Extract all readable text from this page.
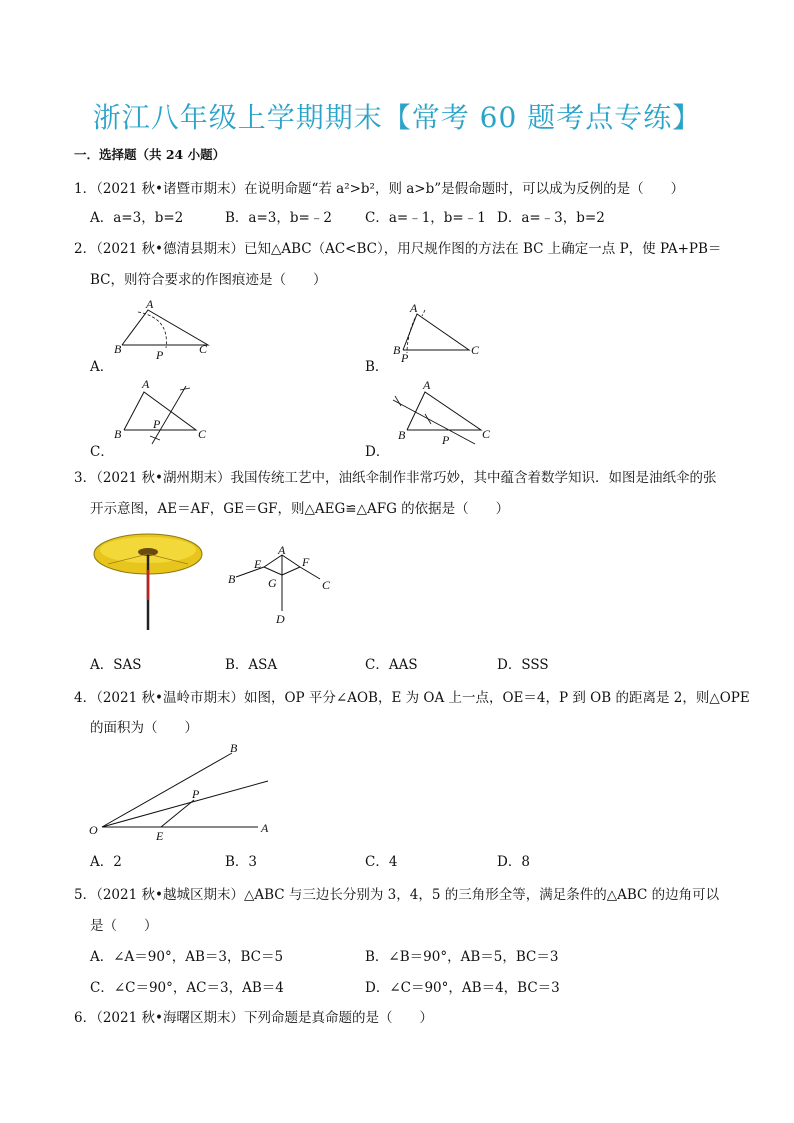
浙江八年级上学期期末【常考 60 题考点专练】
一．选择题（共 24 小题）
1．（2021 秋•诸暨市期末）在说明命题“若 a²>b²，则 a>b”是假命题时，可以成为反例的是（　　）
A．a=3，b=2	B．a=3，b=﹣2 C．a=﹣1，b=﹣1 D．a=﹣3，b=2
2．（2021 秋•德清县期末）已知△ABC（AC<BC），用尺规作图的方法在 BC 上确定一点 P，使 PA+PB＝
BC，则符合要求的作图痕迹是（　　）
A．
A
B	C
P
B．
A
B	C
P
C．
A
B	C
P
D．
A
B	C
P
3．（2021 秋•湖州期末）我国传统工艺中，油纸伞制作非常巧妙，其中蕴含着数学知识．如图是油纸伞的张
开示意图，AE＝AF，GE＝GF，则△AEG≌△AFG 的依据是（　　）
A
E	F
B	C
G
D
A．SAS	B．ASA	C．AAS	D．SSS
4．（2021 秋•温岭市期末）如图，OP 平分∠AOB，E 为 OA 上一点，OE＝4，P 到 OB 的距离是 2，则△OPE
的面积为（　　）
O	A
B
P
E
A．2	B．3	C．4	D．8
5．（2021 秋•越城区期末）△ABC 与三边长分别为 3，4，5 的三角形全等，满足条件的△ABC 的边角可以
是（　　）
A．∠A＝90°，AB＝3，BC＝5	B．∠B＝90°，AB＝5，BC＝3
C．∠C＝90°，AC＝3，AB＝4	D．∠C＝90°，AB＝4，BC＝3
6．（2021 秋•海曙区期末）下列命题是真命题的是（　　）
